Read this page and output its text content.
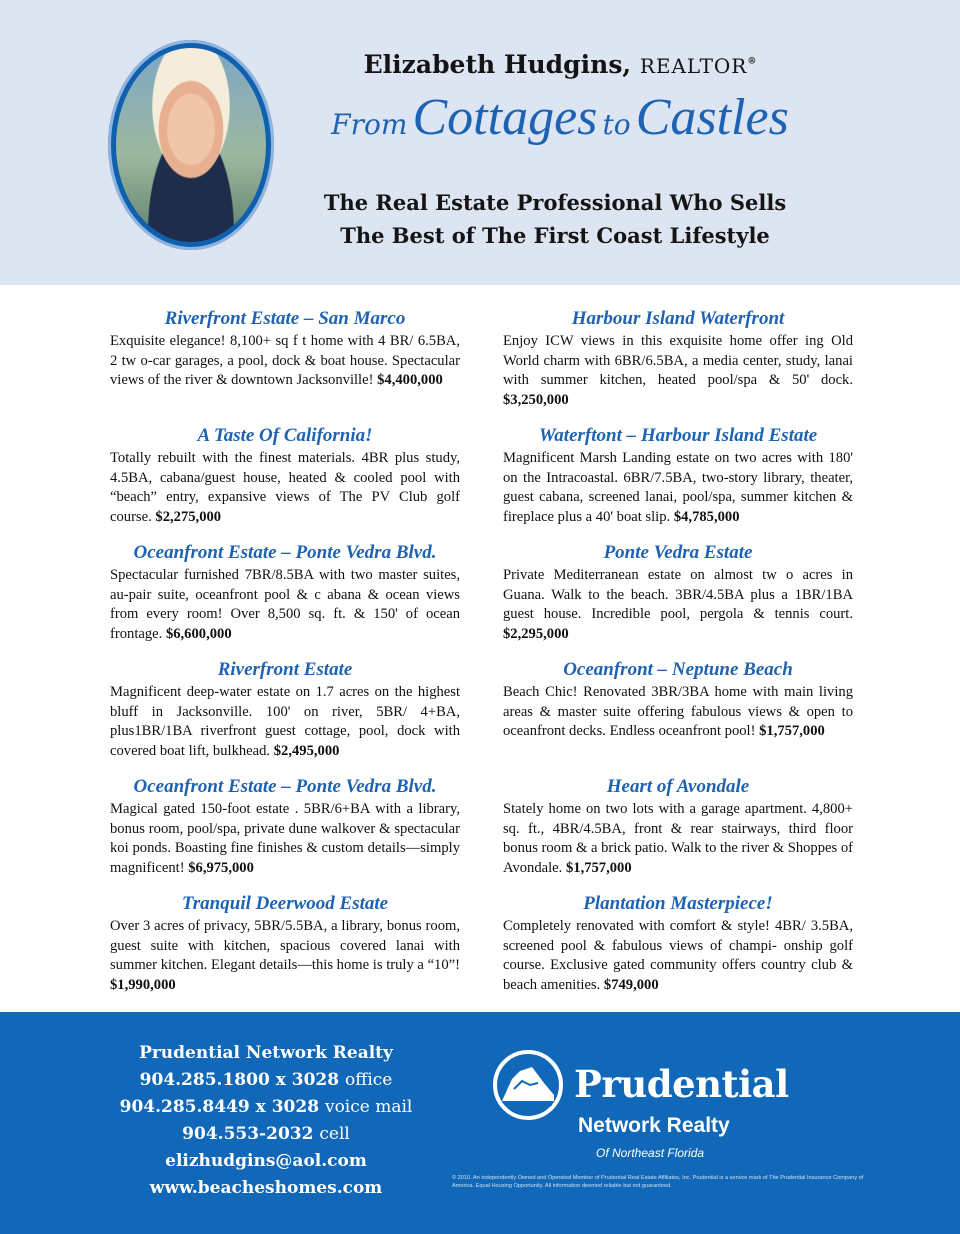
Elizabeth Hudgins, REALTOR®
From Cottages to Castles
The Real Estate Professional Who Sells
The Best of The First Coast Lifestyle

Riverfront Estate – San Marco

Exquisite elegance! 8,100+ sq f t home with 4 BR/ 6.5BA, 2 tw o-car garages, a pool, dock & boat house. Spectacular views of the river & downtown Jacksonville! $4,400,000

A Taste Of California!

Totally rebuilt with the finest materials. 4BR plus study, 4.5BA, cabana/guest house, heated & cooled pool with “beach” entry, expansive views of The PV Club golf course. $2,275,000

Oceanfront Estate – Ponte Vedra Blvd.

Spectacular furnished 7BR/8.5BA with two master suites, au-pair suite, oceanfront pool & c abana & ocean views from every room! Over 8,500 sq. ft. & 150' of ocean frontage. $6,600,000

Riverfront Estate

Magnificent deep-water estate on 1.7 acres on the highest bluff in Jacksonville. 100' on river, 5BR/ 4+BA, plus1BR/1BA riverfront guest cottage, pool, dock with covered boat lift, bulkhead. $2,495,000

Oceanfront Estate – Ponte Vedra Blvd.

Magical gated 150-foot estate . 5BR/6+BA with a library, bonus room, pool/spa, private dune walkover & spectacular koi ponds. Boasting fine finishes & custom details—simply magnificent! $6,975,000

Tranquil Deerwood Estate

Over 3 acres of privacy, 5BR/5.5BA, a library, bonus room, guest suite with kitchen, spacious covered lanai with summer kitchen. Elegant details—this home is truly a “10”! $1,990,000

Harbour Island Waterfront

Enjoy ICW views in this exquisite home offer ing Old World charm with 6BR/6.5BA, a media center, study, lanai with summer kitchen, heated pool/spa & 50' dock. $3,250,000

Waterftont – Harbour Island Estate

Magnificent Marsh Landing estate on two acres with 180' on the Intracoastal. 6BR/7.5BA, two-story library, theater, guest cabana, screened lanai, pool/spa, summer kitchen & fireplace plus a 40' boat slip. $4,785,000

Ponte Vedra Estate

Private Mediterranean estate on almost tw o acres in Guana. Walk to the beach. 3BR/4.5BA plus a 1BR/1BA guest house. Incredible pool, pergola & tennis court. $2,295,000

Oceanfront – Neptune Beach

Beach Chic! Renovated 3BR/3BA home with main living areas & master suite offering fabulous views & open to oceanfront decks. Endless oceanfront pool! $1,757,000

Heart of Avondale

Stately home on two lots with a garage apartment. 4,800+ sq. ft., 4BR/4.5BA, front & rear stairways, third floor bonus room & a brick patio. Walk to the river & Shoppes of Avondale. $1,757,000

Plantation Masterpiece!

Completely renovated with comfort & style! 4BR/ 3.5BA, screened pool & fabulous views of champi- onship golf course. Exclusive gated community offers country club & beach amenities. $749,000

Prudential Network Realty
904.285.1800 x 3028 office
904.285.8449 x 3028 voice mail
904.553-2032 cell
elizhudgins@aol.com
www.beacheshomes.com
Prudential
Network Realty
Of Northeast Florida
© 2010. An independently Owned and Operated Member of Prudential Real Estate Affiliates, Inc. Prudential is a service mark of The Prudential Insurance Company of America. Equal Housing Opportunity. All information deemed reliable but not guaranteed.
